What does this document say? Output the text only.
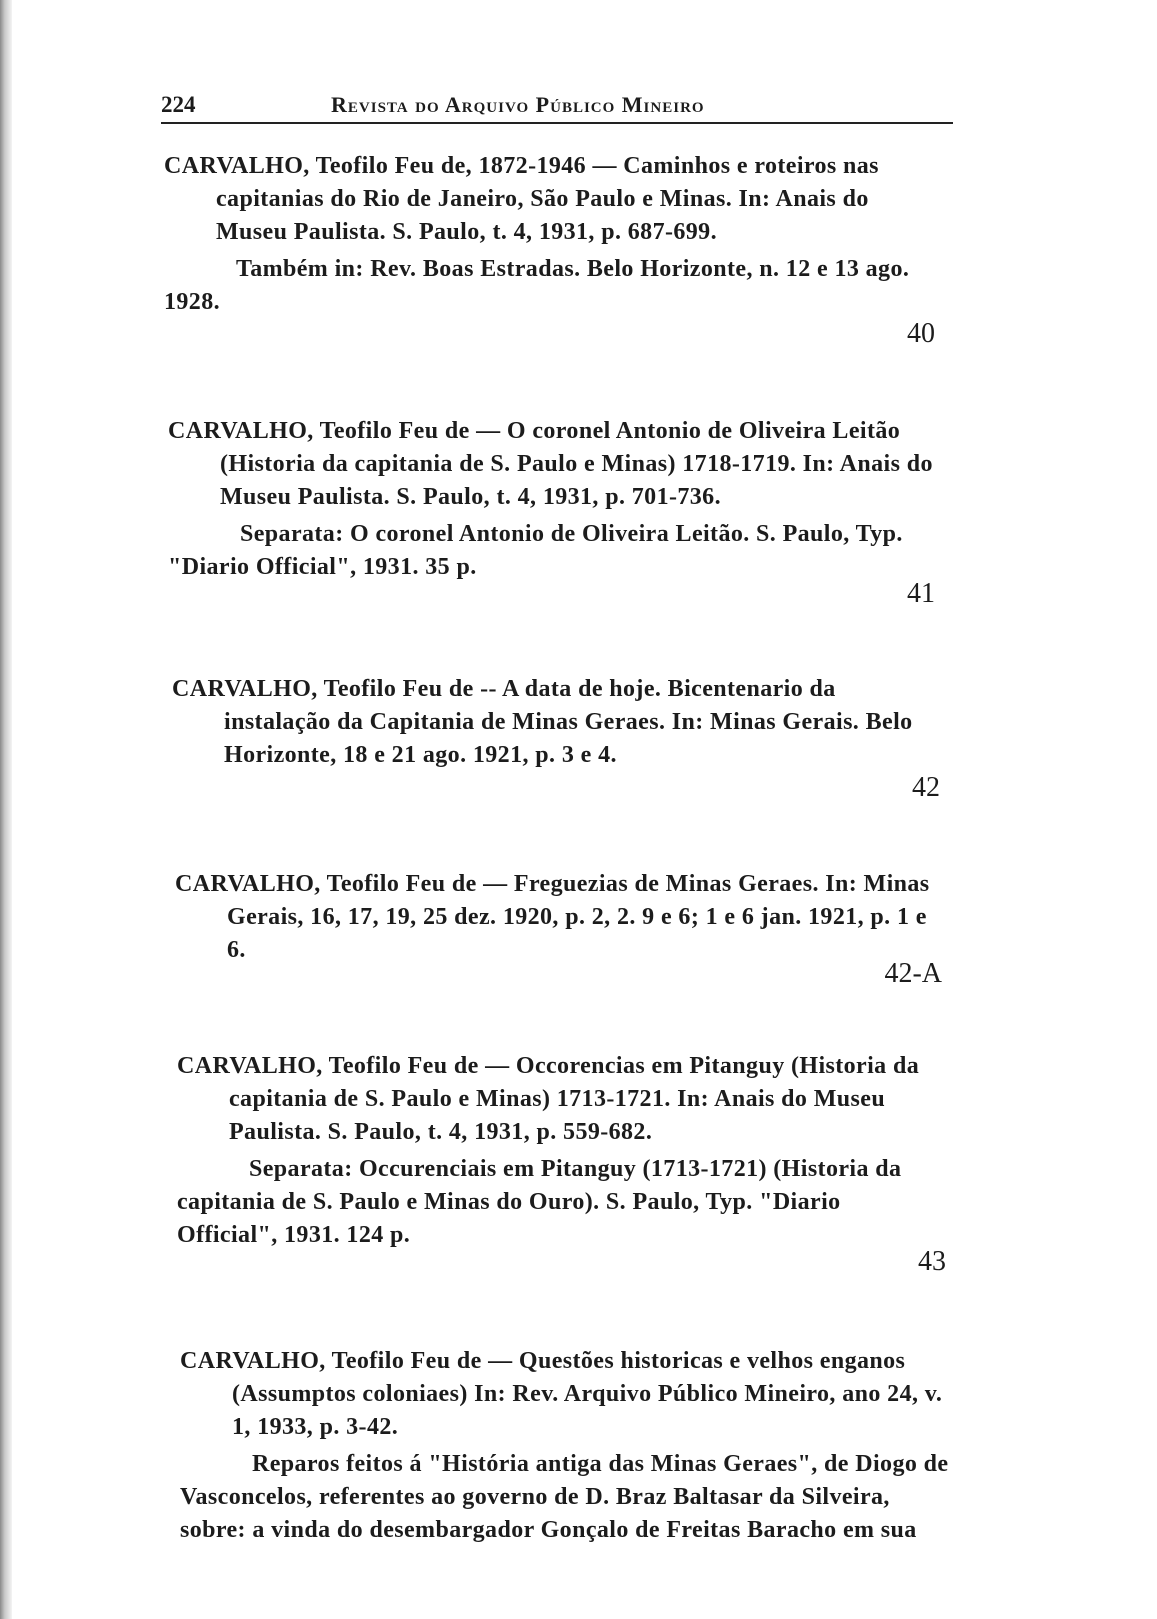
224	Revista do Arquivo Público Mineiro

CARVALHO, Teofilo Feu de, 1872-1946 — Caminhos e roteiros nas capitanias do Rio de Janeiro, São Paulo e Minas. In: Anais do Museu Paulista. S. Paulo, t. 4, 1931, p. 687-699.

Também in: Rev. Boas Estradas. Belo Horizonte, n. 12 e 13 ago. 1928.

40

CARVALHO, Teofilo Feu de — O coronel Antonio de Oliveira Leitão (Historia da capitania de S. Paulo e Minas) 1718-1719. In: Anais do Museu Paulista. S. Paulo, t. 4, 1931, p. 701-736.

Separata: O coronel Antonio de Oliveira Leitão. S. Paulo, Typ. "Diario Official", 1931. 35 p.

41

CARVALHO, Teofilo Feu de -- A data de hoje. Bicentenario da instalação da Capitania de Minas Geraes. In: Minas Gerais. Belo Horizonte, 18 e 21 ago. 1921, p. 3 e 4.

42

CARVALHO, Teofilo Feu de — Freguezias de Minas Geraes. In: Minas Gerais, 16, 17, 19, 25 dez. 1920, p. 2, 2. 9 e 6; 1 e 6 jan. 1921, p. 1 e 6.

42-A

CARVALHO, Teofilo Feu de — Occorencias em Pitanguy (Historia da capitania de S. Paulo e Minas) 1713-1721. In: Anais do Museu Paulista. S. Paulo, t. 4, 1931, p. 559-682.

Separata: Occurenciais em Pitanguy (1713-1721) (Historia da capitania de S. Paulo e Minas do Ouro). S. Paulo, Typ. "Diario Official", 1931. 124 p.

43

CARVALHO, Teofilo Feu de — Questões historicas e velhos enganos (Assumptos coloniaes) In: Rev. Arquivo Público Mineiro, ano 24, v. 1, 1933, p. 3-42.

Reparos feitos á "História antiga das Minas Geraes", de Diogo de Vasconcelos, referentes ao governo de D. Braz Baltasar da Silveira, sobre: a vinda do desembargador Gonçalo de Freitas Baracho em sua
